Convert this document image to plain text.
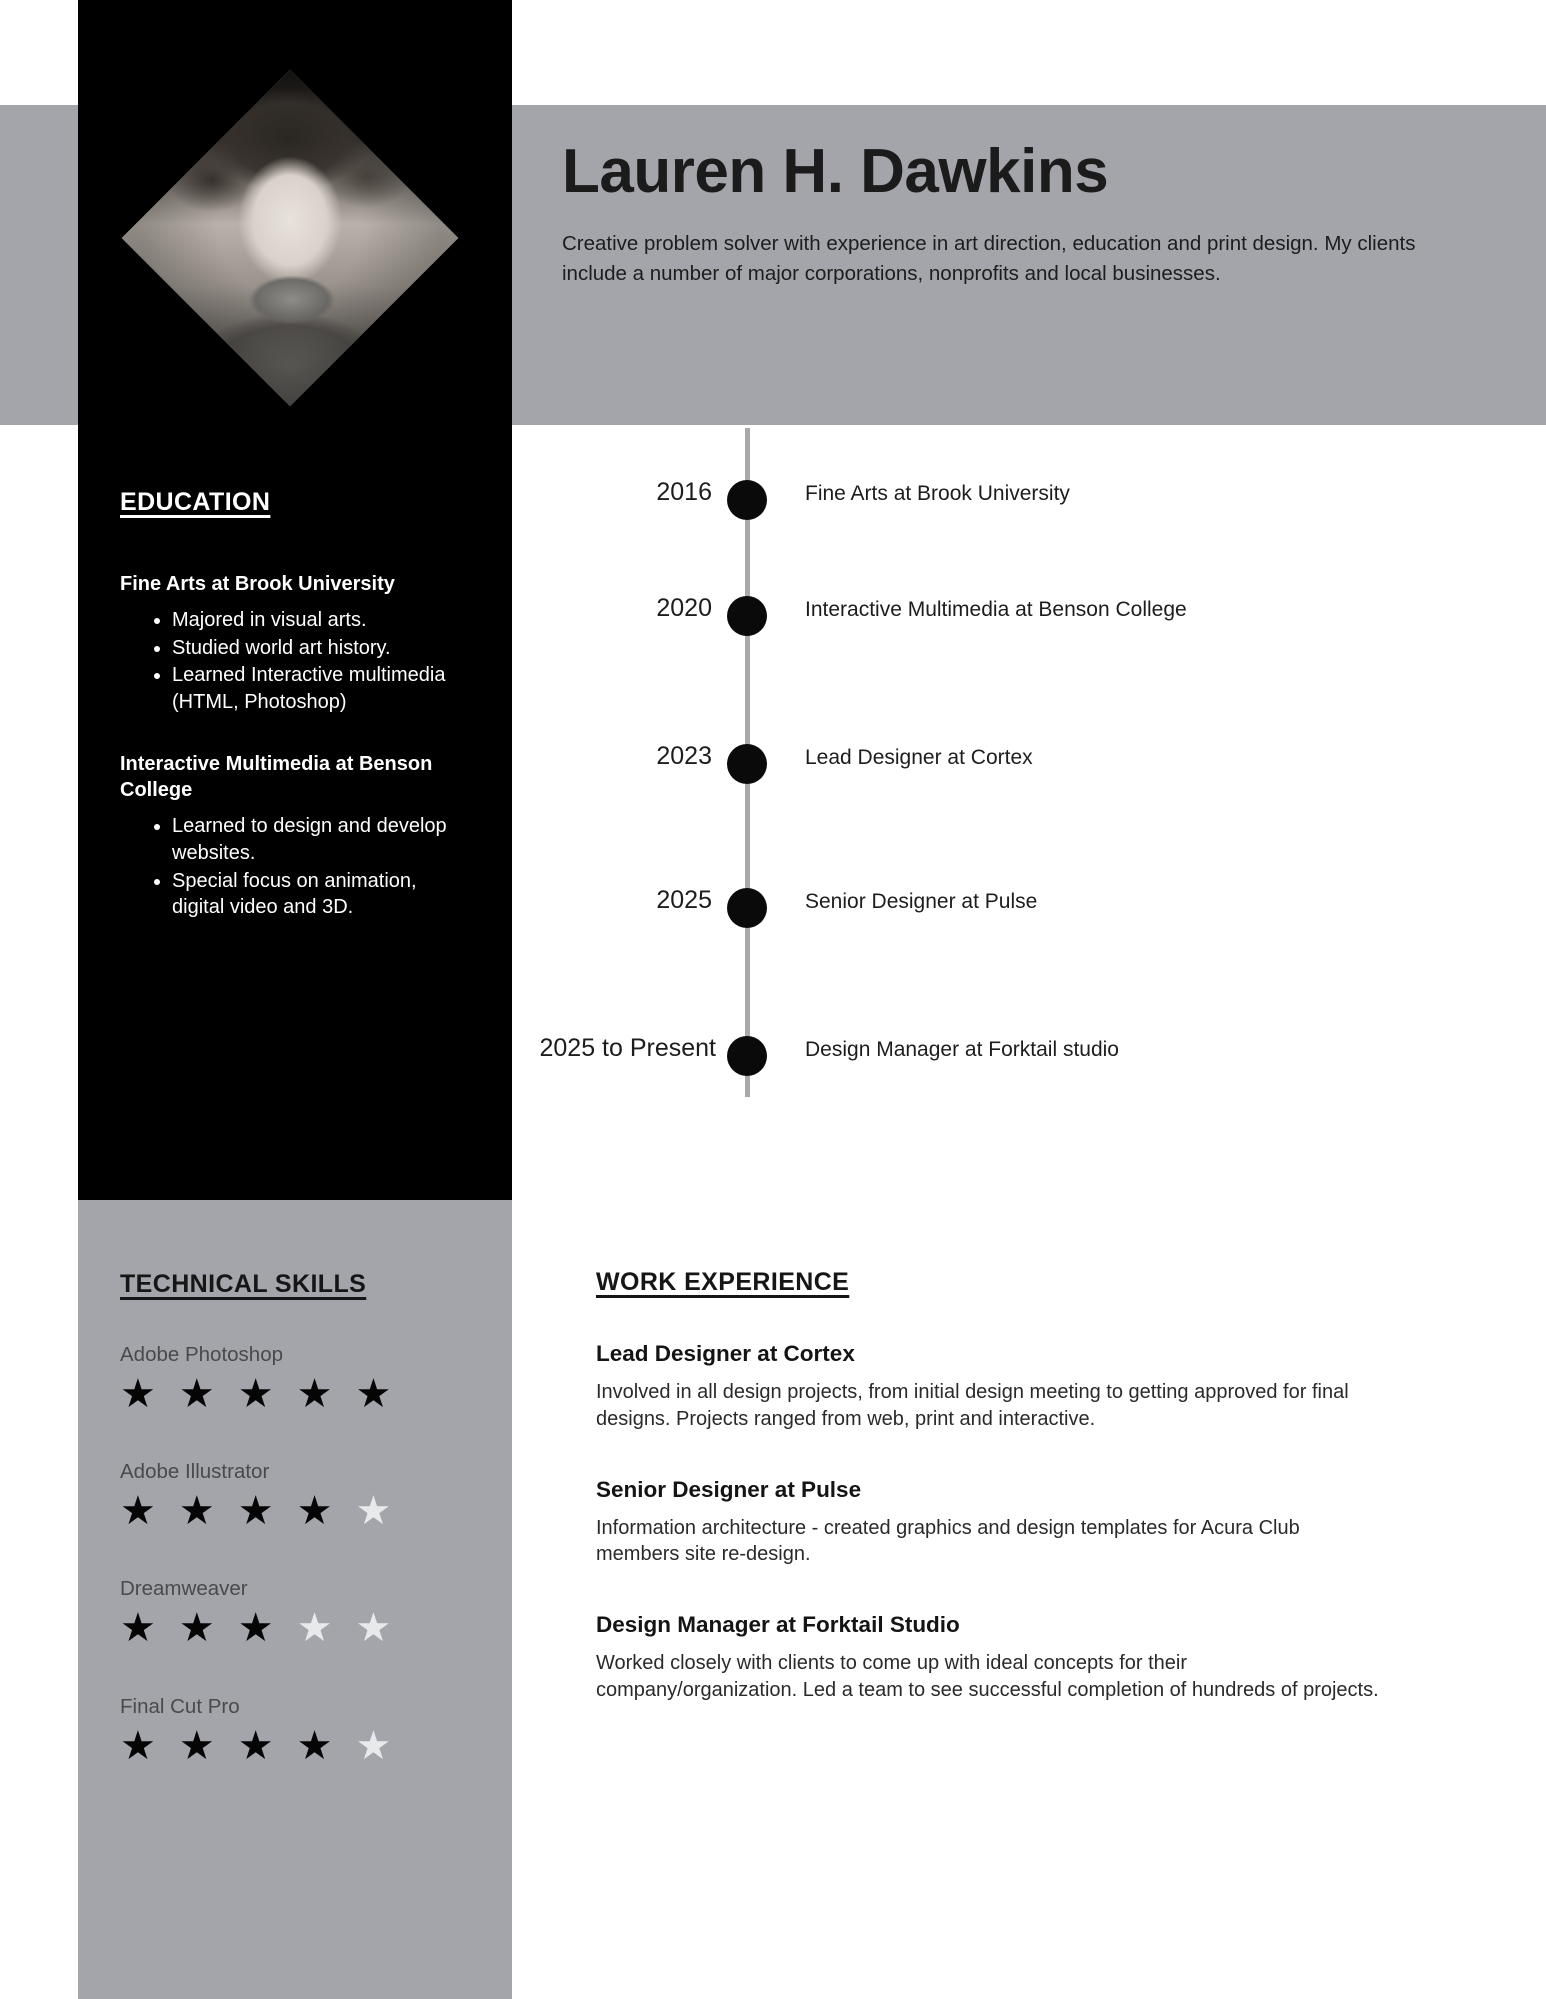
Lauren H. Dawkins

Creative problem solver with experience in art direction, education and print design. My clients include a number of major corporations, nonprofits and local businesses.

EDUCATION

Fine Arts at Brook University

• Majored in visual arts.
• Studied world art history.
• Learned Interactive multimedia (HTML, Photoshop)

Interactive Multimedia at Benson College

• Learned to design and develop websites.
• Special focus on animation, digital video and 3D.
TECHNICAL SKILLS

Adobe Photoshop

★ ★ ★ ★ ★

Adobe Illustrator

★ ★ ★ ★ ★

Dreamweaver

★ ★ ★ ★ ★

Final Cut Pro

★ ★ ★ ★ ★
2016	Fine Arts at Brook University
2020	Interactive Multimedia at Benson College
2023	Lead Designer at Cortex
2025	Senior Designer at Pulse
2025 to Present	Design Manager at Forktail studio
WORK EXPERIENCE

Lead Designer at Cortex

Involved in all design projects, from initial design meeting to getting approved for final designs. Projects ranged from web, print and interactive.

Senior Designer at Pulse

Information architecture - created graphics and design templates for Acura Club members site re-design.

Design Manager at Forktail Studio

Worked closely with clients to come up with ideal concepts for their company/organization. Led a team to see successful completion of hundreds of projects.
